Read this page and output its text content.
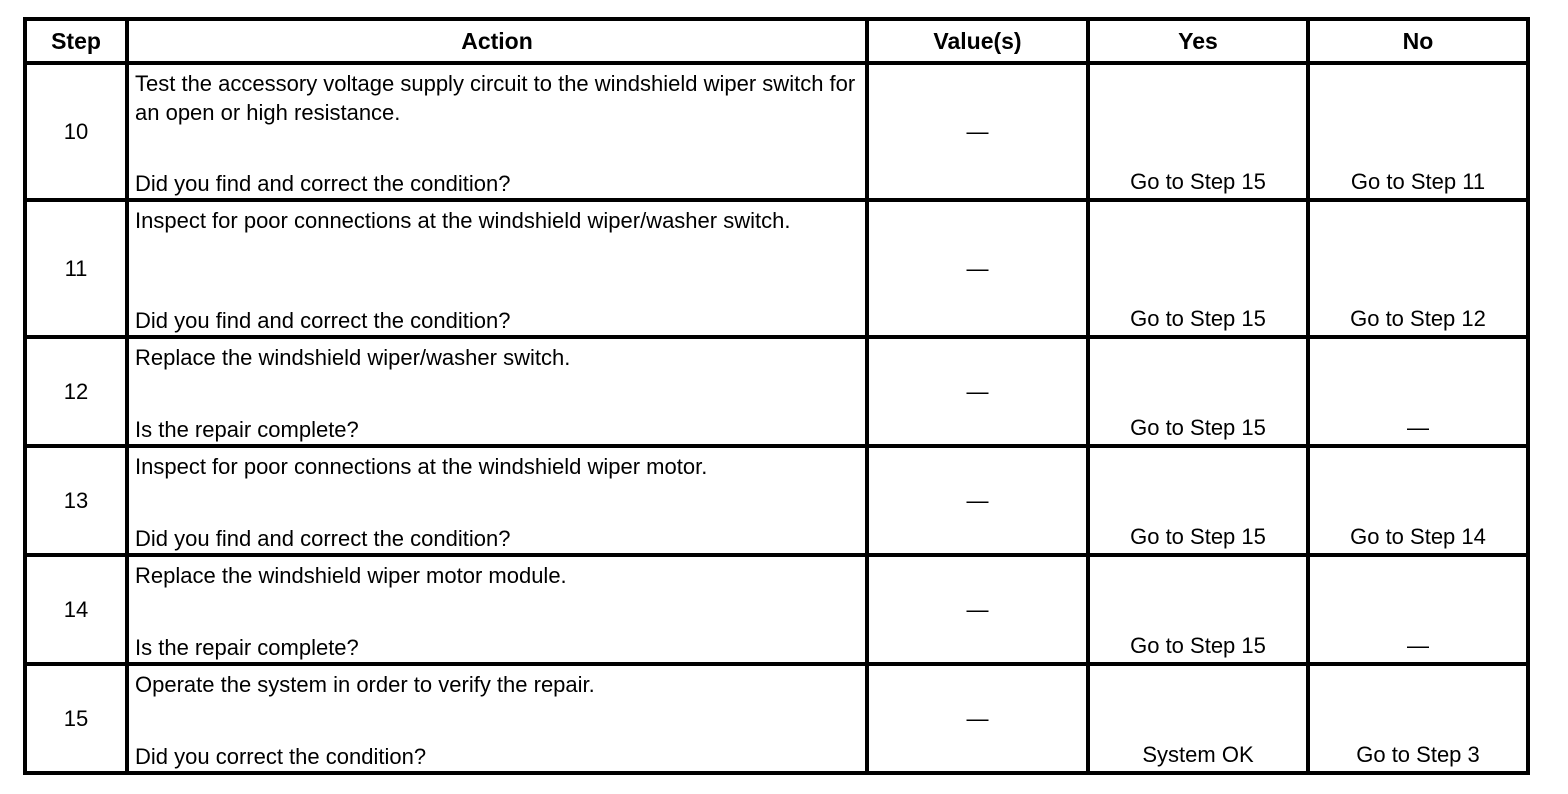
Step	Action	Value(s)	Yes	No
10	Test the accessory voltage supply circuit to the windshield wiper switch for an open or high resistance.
Did you find and correct the condition?	—	Go to Step 15	Go to Step 11
11	Inspect for poor connections at the windshield wiper/washer switch.
Did you find and correct the condition?	—	Go to Step 15	Go to Step 12
12	Replace the windshield wiper/washer switch.
Is the repair complete?	—	Go to Step 15	—
13	Inspect for poor connections at the windshield wiper motor.
Did you find and correct the condition?	—	Go to Step 15	Go to Step 14
14	Replace the windshield wiper motor module.
Is the repair complete?	—	Go to Step 15	—
15	Operate the system in order to verify the repair.
Did you correct the condition?	—	System OK	Go to Step 3
